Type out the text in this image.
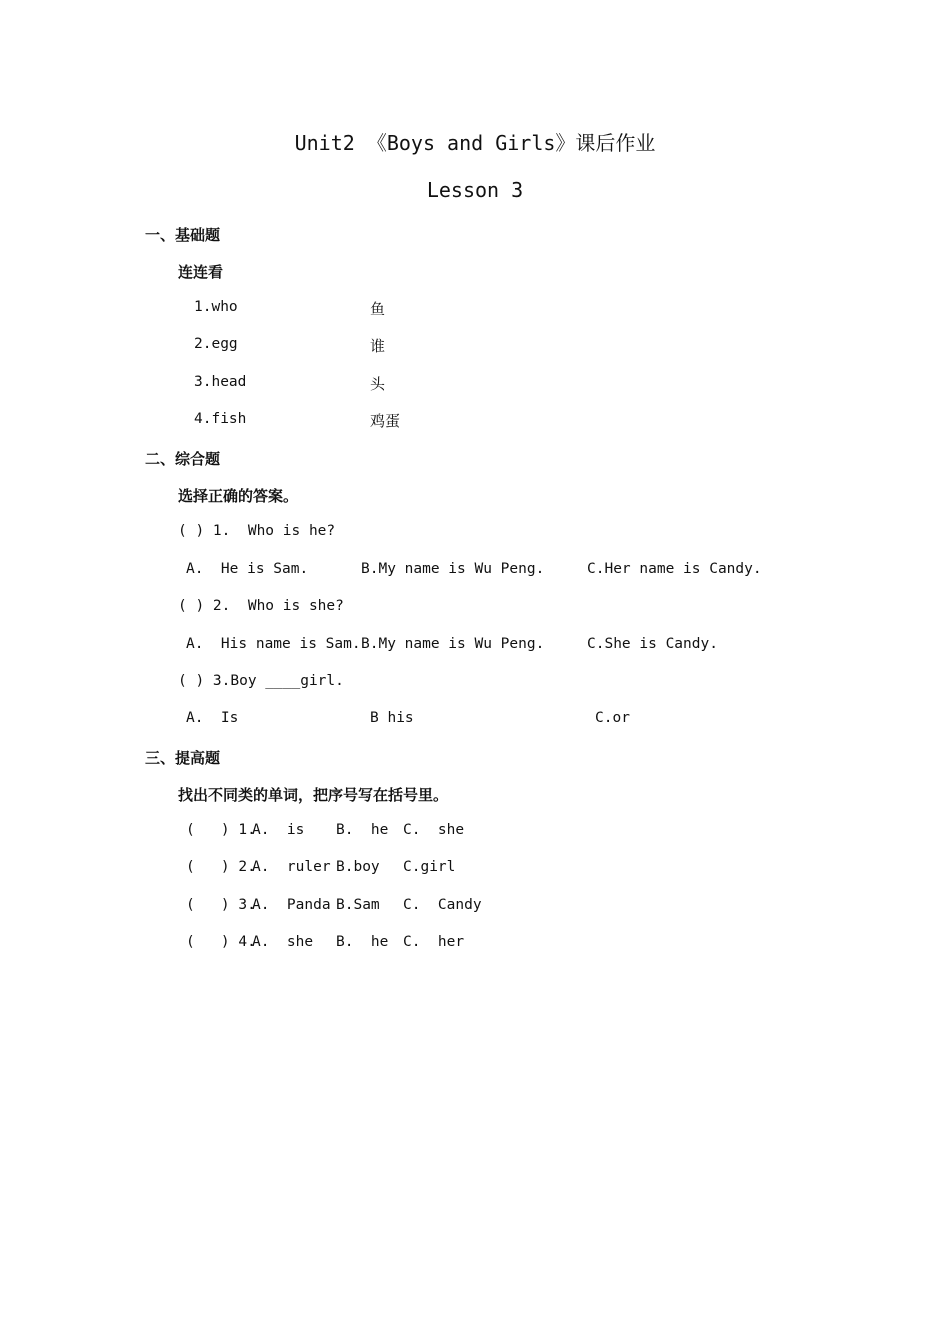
Unit2 《Boys and Girls》课后作业
Lesson 3
一、基础题
连连看
1.who	鱼
2.egg	谁
3.head	头
4.fish	鸡蛋
二、综合题
选择正确的答案。
( ) 1.  Who is he?
A.  He is Sam.	B.My name is Wu Peng.	C.Her name is Candy.
( ) 2.  Who is she?
A.  His name is Sam. B.My name is Wu Peng.	C.She is Candy.
( ) 3.Boy ____girl.
A.  Is	B his	C.or
三、提高题
找出不同类的单词，把序号写在括号里。
(   ) 1.
A.  is B.  he C.  she
(   ) 2.
A.  ruler B.boy C.girl
(   ) 3.
A.  Panda B.Sam C.  Candy
(   ) 4.
A.  she B.  he C.  her
